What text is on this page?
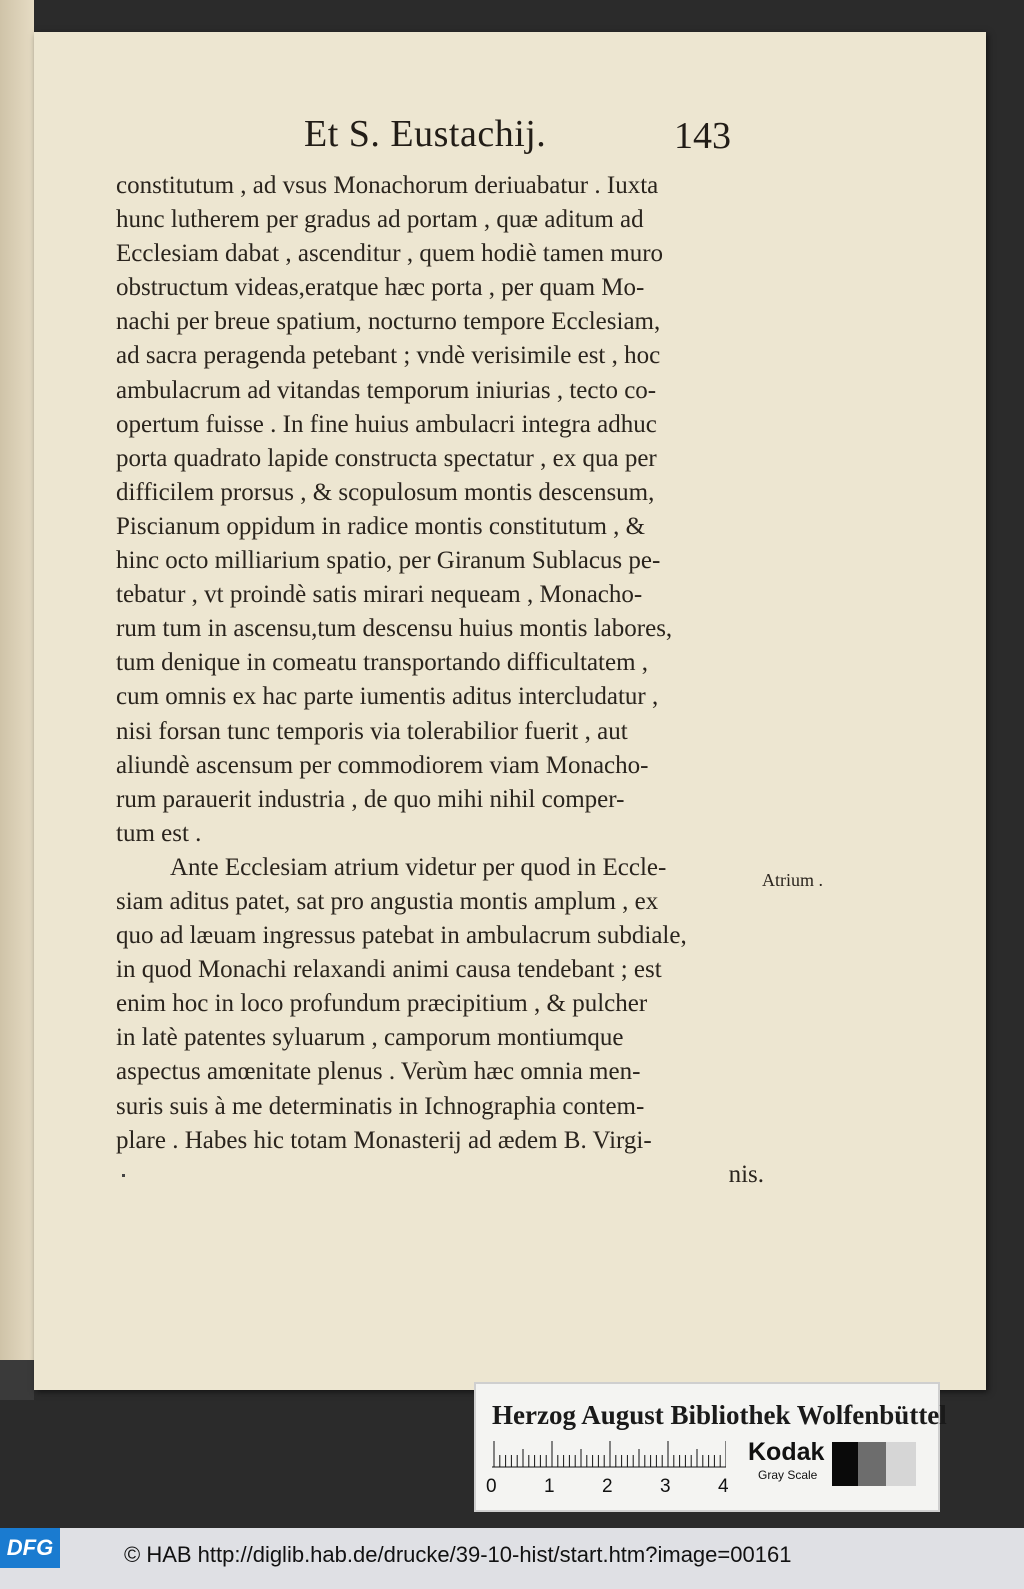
Et S. Eustachij.	143
constitutum , ad vsus Monachorum deriuabatur . Iuxta
hunc lutherem per gradus ad portam , quæ aditum ad
Ecclesiam dabat , ascenditur , quem hodiè tamen muro
obstructum videas,eratque hæc porta , per quam Mo-
nachi per breue spatium, nocturno tempore Ecclesiam,
ad sacra peragenda petebant ; vndè verisimile est , hoc
ambulacrum ad vitandas temporum iniurias , tecto co-
opertum fuisse . In fine huius ambulacri integra adhuc
porta quadrato lapide constructa spectatur , ex qua per
difficilem prorsus , & scopulosum montis descensum,
Piscianum oppidum in radice montis constitutum , &
hinc octo milliarium spatio, per Giranum Sublacus pe-
tebatur , vt proindè satis mirari nequeam , Monacho-
rum tum in ascensu,tum descensu huius montis labores,
tum denique in comeatu transportando difficultatem ,
cum omnis ex hac parte iumentis aditus intercludatur ,
nisi forsan tunc temporis via tolerabilior fuerit , aut
aliundè ascensum per commodiorem viam Monacho-
rum parauerit industria , de quo mihi nihil comper-
tum est .
Ante Ecclesiam atrium videtur per quod in Eccle-
siam aditus patet, sat pro angustia montis amplum , ex
quo ad læuam ingressus patebat in ambulacrum subdiale,
in quod Monachi relaxandi animi causa tendebant ; est
enim hoc in loco profundum præcipitium , & pulcher
in latè patentes syluarum , camporum montiumque
aspectus amœnitate plenus . Verùm hæc omnia men-
suris suis à me determinatis in Ichnographia contem-
plare . Habes hic totam Monasterij ad ædem B. Virgi-
nis.
Atrium .
Herzog August Bibliothek Wolfenbüttel
0 1 2 3 4
Kodak
Gray Scale
DFG	© HAB http://diglib.hab.de/drucke/39-10-hist/start.htm?image=00161
